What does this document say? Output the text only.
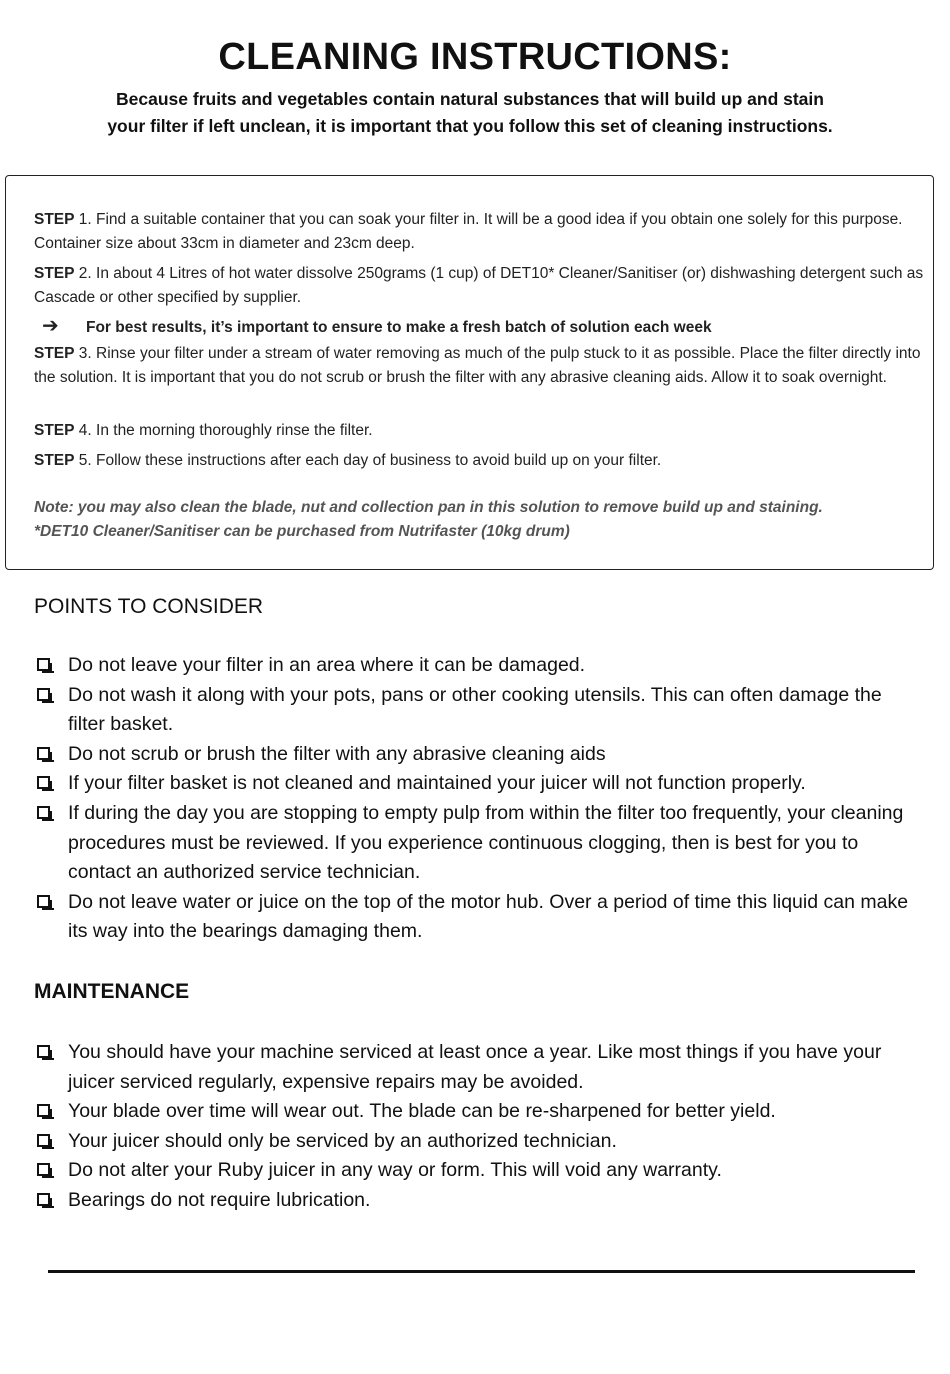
CLEANING INSTRUCTIONS:
Because fruits and vegetables contain natural substances that will build up and stain
your filter if left unclean, it is important that you follow this set of cleaning instructions.
STEP 1. Find a suitable container that you can soak your filter in. It will be a good idea if you obtain one solely for this purpose. Container size about 33cm in diameter and 23cm deep.
STEP 2. In about 4 Litres of hot water dissolve 250grams (1 cup) of DET10* Cleaner/Sanitiser (or) dishwashing detergent such as Cascade or other specified by supplier.
➔ For best results, it’s important to ensure to make a fresh batch of solution each week
STEP 3. Rinse your filter under a stream of water removing as much of the pulp stuck to it as possible. Place the filter directly into the solution. It is important that you do not scrub or brush the filter with any abrasive cleaning aids. Allow it to soak overnight.
STEP 4. In the morning thoroughly rinse the filter.
STEP 5. Follow these instructions after each day of business to avoid build up on your filter.
Note: you may also clean the blade, nut and collection pan in this solution to remove build up and staining.
*DET10 Cleaner/Sanitiser can be purchased from Nutrifaster (10kg drum)
POINTS TO CONSIDER
Do not leave your filter in an area where it can be damaged.
Do not wash it along with your pots, pans or other cooking utensils. This can often damage the filter basket.
Do not scrub or brush the filter with any abrasive cleaning aids
If your filter basket is not cleaned and maintained your juicer will not function properly.
If during the day you are stopping to empty pulp from within the filter too frequently, your cleaning procedures must be reviewed. If you experience continuous clogging, then is best for you to contact an authorized service technician.
Do not leave water or juice on the top of the motor hub. Over a period of time this liquid can make its way into the bearings damaging them.
MAINTENANCE
You should have your machine serviced at least once a year. Like most things if you have your juicer serviced regularly, expensive repairs may be avoided.
Your blade over time will wear out. The blade can be re-sharpened for better yield.
Your juicer should only be serviced by an authorized technician.
Do not alter your Ruby juicer in any way or form. This will void any warranty.
Bearings do not require lubrication.
